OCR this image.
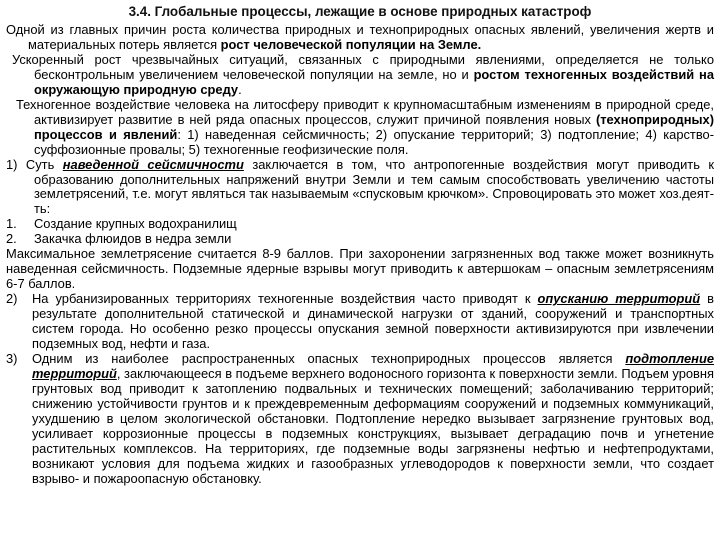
3.4. Глобальные процессы, лежащие в основе природных катастроф

Одной из главных причин роста количества природных и технoприродных опасных явлений, увеличения жертв и материальных потерь является рост человеческой популяции на Земле.

Ускоренный рост чрезвычайных ситуаций, связанных с природными явлениями, определяется не только бесконтрольным увеличением человеческой популяции на земле, но и ростом техногенных воздействий на окружающую природную среду.

Техногенное воздействие человека на литосферу приводит к крупномасштабным изменениям в природной среде, активизирует развитие в ней ряда опасных процессов, служит причиной появления новых (технoприродных) процессов и явлений: 1) наведенная сейсмичность; 2) опускание территорий; 3) подтопление; 4) карство-суффозионные провалы; 5) техногенные геофизические поля.

1) Суть наведенной сейсмичности заключается в том, что антропогенные воздействия могут приводить к образованию дополнительных напряжений внутри Земли и тем самым способствовать увеличению частоты землетрясений, т.е. могут являться так называемым «спусковым крючком». Спровоцировать это может хоз.деят-ть:

1.	Создание крупных водохранилищ
2.	Закачка флюидов в недра земли

Максимальное землетрясение считается 8-9 баллов. При захоронении загрязненных вод также может возникнуть наведенная сейсмичность. Подземные ядерные взрывы могут приводить к автершокам – опасным землетрясениям 6-7 баллов.

2)	На урбанизированных территориях техногенные воздействия часто приводят к опусканию территорий в результате дополнительной статической и динамической нагрузки от зданий, сооружений и транспортных систем города. Но особенно резко процессы опускания земной поверхности активизируются при извлечении подземных вод, нефти и газа.
3)	Одним из наиболее распространенных опасных технoприродных процессов является подтопление территорий, заключающееся в подъеме верхнего водоносного горизонта к поверхности земли. Подъем уровня грунтовых вод приводит к затоплению подвальных и технических помещений; заболачиванию территорий; снижению устойчивости грунтов и к преждевременным деформациям сооружений и подземных коммуникаций, ухудшению в целом экологической обстановки. Подтопление нередко вызывает загрязнение грунтовых вод, усиливает коррозионные процессы в подземных конструкциях, вызывает деградацию почв и угнетение растительных комплексов. На территориях, где подземные воды загрязнены нефтью и нефтепродуктами, возникают условия для подъема жидких и газообразных углеводородов к поверхности земли, что создает взрыво- и пожароопасную обстановку.
